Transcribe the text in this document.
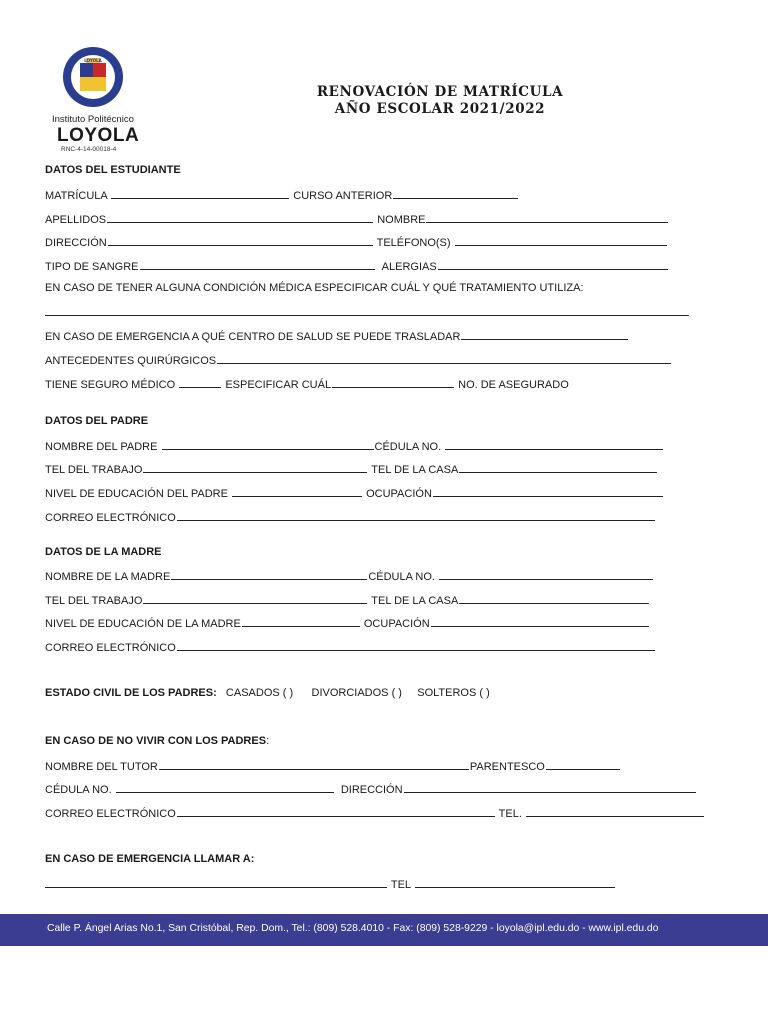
LOYOLA
Instituto Politécnico
LOYOLA
RNC-4-14-00018-4
RENOVACIÓN DE MATRÍCULA
AÑO ESCOLAR 2021/2022
DATOS DEL ESTUDIANTE
MATRÍCULA	CURSO ANTERIOR
APELLIDOS	NOMBRE
DIRECCIÓN	TELÉFONO(S)
TIPO DE SANGRE	ALERGIAS
EN CASO DE TENER ALGUNA CONDICIÓN MÉDICA ESPECIFICAR CUÁL Y QUÉ TRATAMIENTO UTILIZA:
EN CASO DE EMERGENCIA A QUÉ CENTRO DE SALUD SE PUEDE TRASLADAR
ANTECEDENTES QUIRÚRGICOS
TIENE SEGURO MÉDICO	ESPECIFICAR CUÁL	NO. DE ASEGURADO
DATOS DEL PADRE
NOMBRE DEL PADRE	CÉDULA NO.
TEL DEL TRABAJO	TEL DE LA CASA
NIVEL DE EDUCACIÓN DEL PADRE	OCUPACIÓN
CORREO ELECTRÓNICO
DATOS DE LA MADRE
NOMBRE DE LA MADRE	CÉDULA NO.
TEL DEL TRABAJO	TEL DE LA CASA
NIVEL DE EDUCACIÓN DE LA MADRE	OCUPACIÓN
CORREO ELECTRÓNICO
ESTADO CIVIL DE LOS PADRES: CASADOS ( ) DIVORCIADOS ( ) SOLTEROS ( )
EN CASO DE NO VIVIR CON LOS PADRES:
NOMBRE DEL TUTOR	PARENTESCO
CÉDULA NO.	DIRECCIÓN
CORREO ELECTRÓNICO	TEL.
EN CASO DE EMERGENCIA LLAMAR A:
TEL
Calle P. Ángel Arias No.1, San Cristóbal, Rep. Dom., Tel.: (809) 528.4010 - Fax: (809) 528-9229 - loyola@ipl.edu.do - www.ipl.edu.do
